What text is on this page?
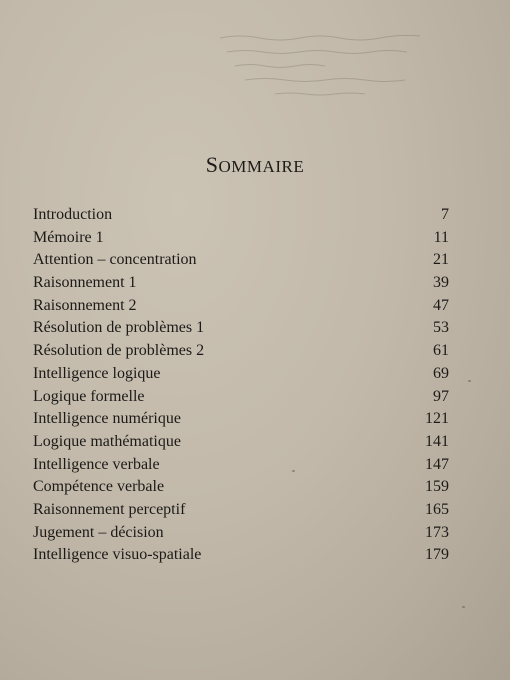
SOMMAIRE
Introduction	7
Mémoire 1	11
Attention – concentration	21
Raisonnement 1	39
Raisonnement 2	47
Résolution de problèmes 1	53
Résolution de problèmes 2	61
Intelligence logique	69
Logique formelle	97
Intelligence numérique	121
Logique mathématique	141
Intelligence verbale	147
Compétence verbale	159
Raisonnement perceptif	165
Jugement – décision	173
Intelligence visuo-spatiale	179
